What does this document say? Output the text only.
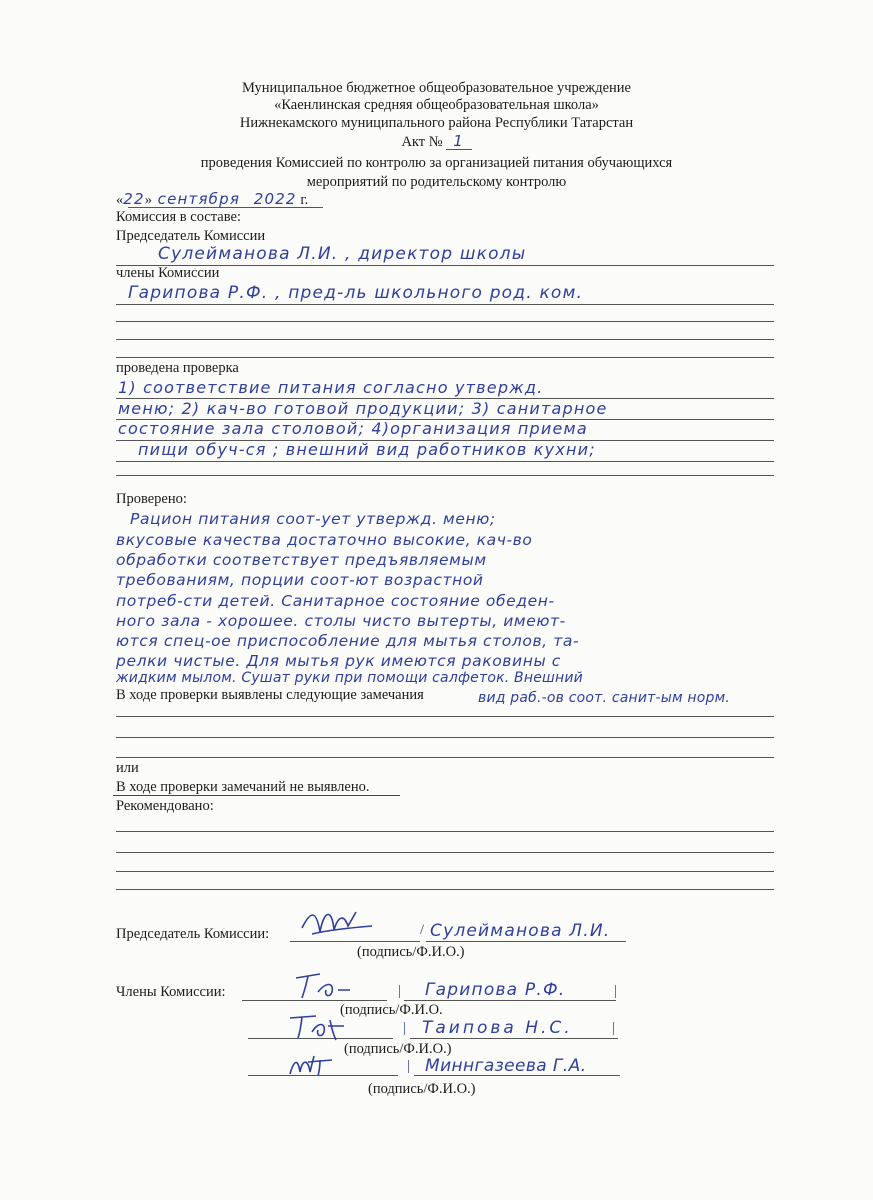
Муниципальное бюджетное общеобразовательное учреждение
«Каенлинская средняя общеобразовательная школа»
Нижнекамского муниципального района Республики Татарстан
Акт № 1
проведения Комиссией по контролю за организацией питания обучающихся
мероприятий по родительскому контролю
«22» сентября 2022 г.
Комиссия в составе:
Председатель Комиссии
Сулейманова Л.И. , директор школы
члены Комиссии
Гарипова Р.Ф. , пред-ль школьного род. ком.
проведена проверка
1) соответствие питания согласно утвержд.
меню; 2) кач-во готовой продукции; 3) санитарное
состояние зала столовой; 4)организация приема
пищи обуч-ся ; внешний вид работников кухни;
Проверено:
Рацион питания соот-ует утвержд. меню;
вкусовые качества достаточно высокие, кач-во
обработки соответствует предъявляемым
требованиям, порции соот-ют возрастной
потреб-сти детей. Санитарное состояние обеден-
ного зала - хорошее. столы чисто вытерты, имеют-
ются спец-ое приспособление для мытья столов, та-
релки чистые. Для мытья рук имеются раковины с
жидким мылом. Сушат руки при помощи салфеток. Внешний
вид раб.-ов соот. санит-ым норм.
В ходе проверки выявлены следующие замечания
или
В ходе проверки замечаний не выявлено.
Рекомендовано:
Председатель Комиссии:	/ Сулейманова Л.И.
(подпись/Ф.И.О.)
Члены Комиссии:	| Гарипова Р.Ф.	|
(подпись/Ф.И.О.
| Таипова Н.С.	|
(подпись/Ф.И.О.)
| Миннгазеева Г.А.
(подпись/Ф.И.О.)
